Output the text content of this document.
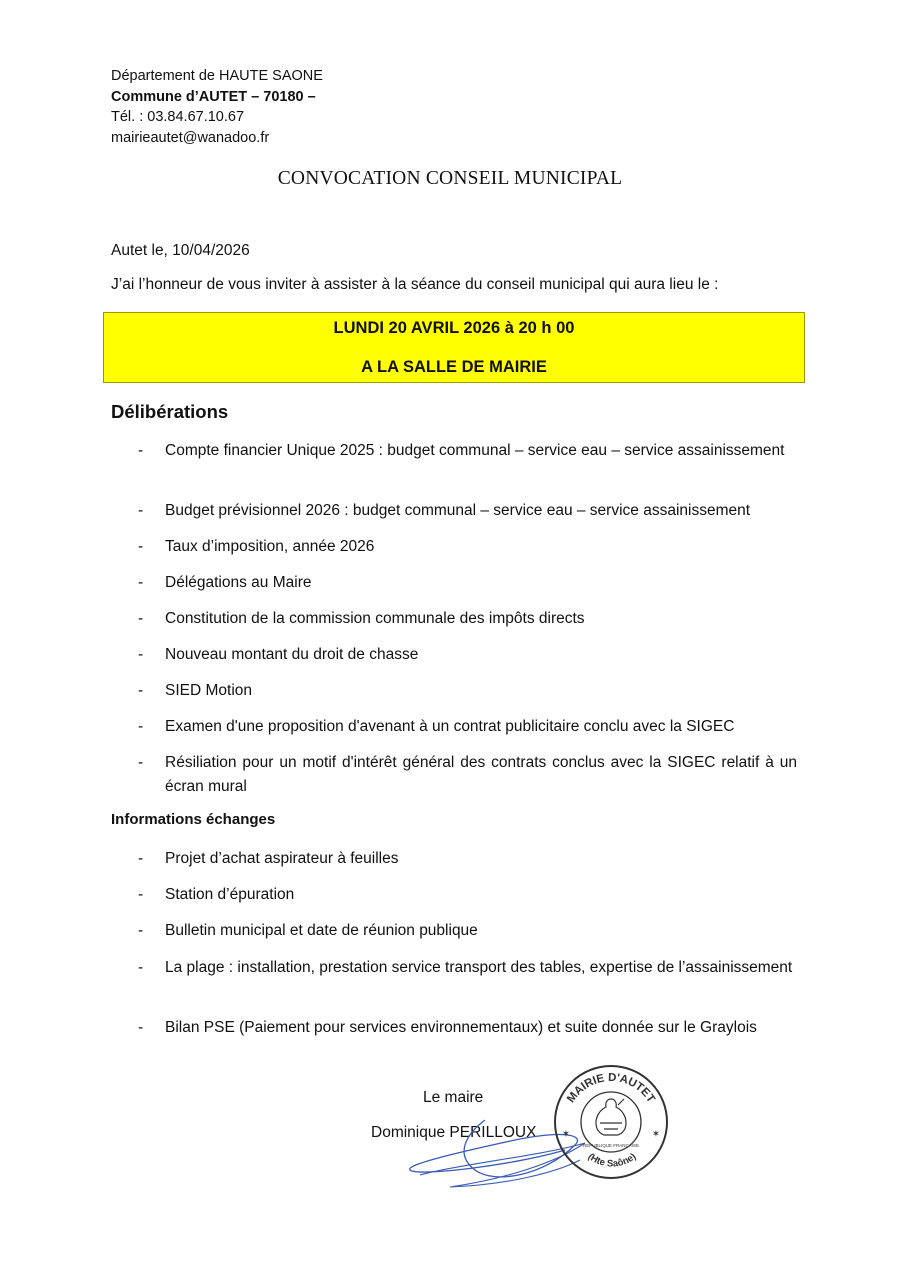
Département de HAUTE SAONE
Commune d’AUTET – 70180 –
Tél. : 03.84.67.10.67
mairieautet@wanadoo.fr
CONVOCATION CONSEIL MUNICIPAL
Autet le, 10/04/2026
J’ai l’honneur de vous inviter à assister à la séance du conseil municipal qui aura lieu le :
LUNDI 20 AVRIL 2026 à 20 h 00
A LA SALLE DE MAIRIE
Délibérations
- Compte financier Unique 2025 : budget communal – service eau – service assainissement
- Budget prévisionnel 2026 : budget communal – service eau – service assainissement
- Taux d’imposition, année 2026
- Délégations au Maire
- Constitution de la commission communale des impôts directs
- Nouveau montant du droit de chasse
- SIED Motion
- Examen d'une proposition d'avenant à un contrat publicitaire conclu avec la SIGEC
- Résiliation pour un motif d'intérêt général des contrats conclus avec la SIGEC relatif à un écran mural
Informations échanges
- Projet d’achat aspirateur à feuilles
- Station d’épuration
- Bulletin municipal et date de réunion publique
- La plage : installation, prestation service transport des tables, expertise de l’assainissement
- Bilan PSE (Paiement pour services environnementaux) et suite donnée sur le Graylois
Le maire
Dominique PERILLOUX
MAIRIE D'AUTET
(Hte Saône)
✶	✶
RÉPUBLIQUE FRANÇAISE
